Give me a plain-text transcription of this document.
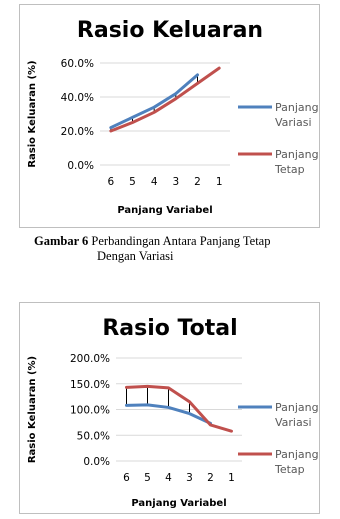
Rasio Keluaran
0.0%
20.0%
40.0%
60.0%
6 5 4 3 2 1
Panjang Variabel
Rasio Keluaran (%)	Panjang
Variasi
Panjang
Tetap
Gambar 6 Perbandingan Antara Panjang Tetap
Dengan Variasi
Rasio Total
0.0%
50.0%
100.0%
150.0%
200.0%
6 5 4 3 2 1
Panjang Variabel
Rasio Keluaran (%)	Panjang
Variasi
Panjang
Tetap
